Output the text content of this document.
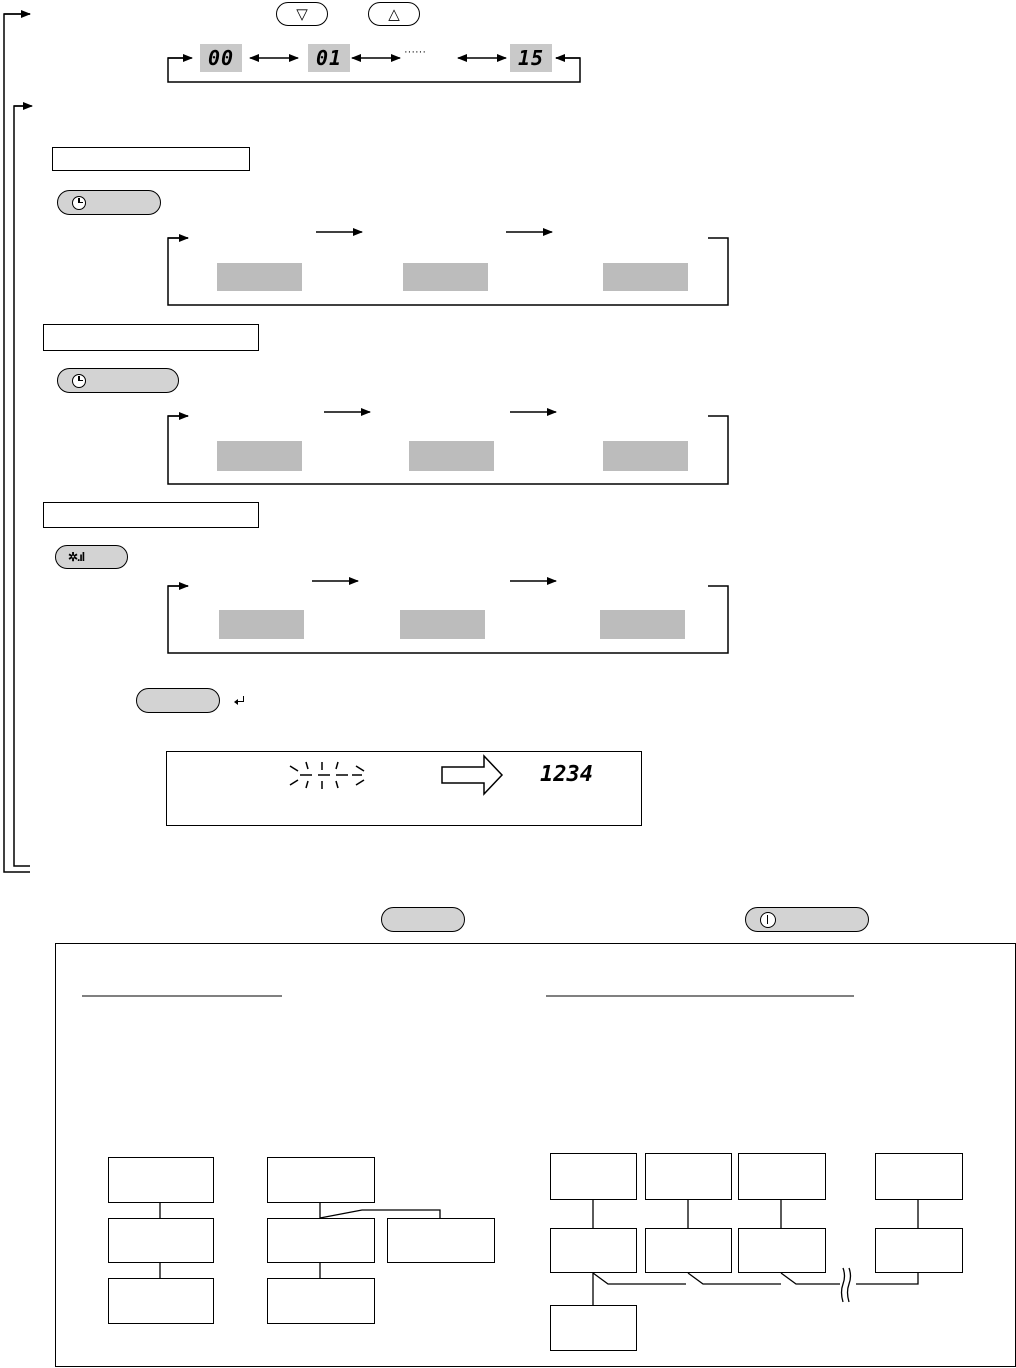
▽	△
00	01	······	15
✲.ıl
1234
